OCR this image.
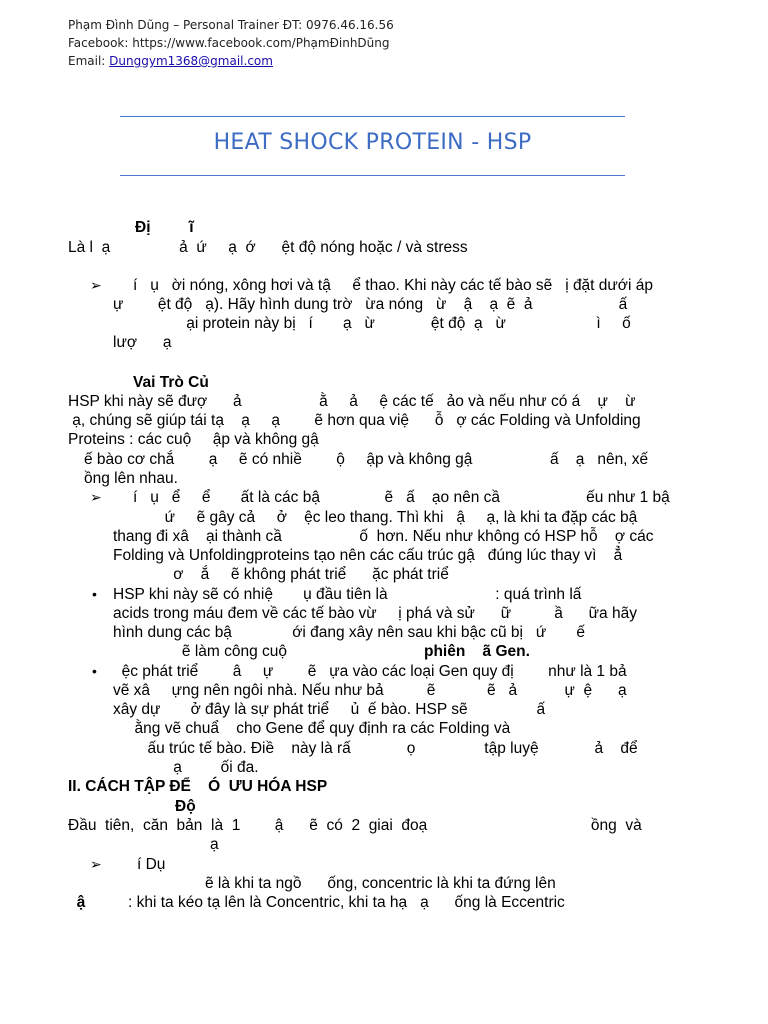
Phạm Đình Dũng – Personal Trainer ĐT: 0976.46.16.56
Facebook: https://www.facebook.com/PhạmĐinhDũng
Email: Dunggym1368@gmail.com
HEAT SHOCK PROTEIN - HSP
Đị         ĩ
Là l  ạ                ả  ứ     ạ  ớ      ệt độ nóng hoặc / và stress
í   ụ   ời nóng, xông hơi và tậ     ể thao. Khi này các tế bào sẽ   ị đặt dưới áp
ự        ệt độ   ạ). Hãy hình dung trờ   ừa nóng   ừ    ậ    ạ  ẽ  ả                    ấ
ại protein này bị   í       ạ   ừ             ệt độ  ạ   ừ                     ì     ố
lượ      ạ
Vai Trò Củ
HSP khi này sẽ đượ      ả                  ằ     ả     ệ các tế   ảo và nếu như có á    ự    ừ
ạ, chúng sẽ giúp tái tạ    ạ     ạ        ẽ hơn qua việ      ỗ   ợ các Folding và Unfolding
Proteins : các cuộ     ập và không gậ
ế bào cơ chắ        ạ     ẽ có nhiề        ộ     ập và không gậ                  ấ    ạ   nên, xế
ồng lên nhau.
í   ụ   ể     ể       ất là các bậ               ẽ   ấ    ạo nên cầ                    ếu như 1 bậ
ứ     ẽ gây cả     ở    ệc leo thang. Thì khi   ậ     ạ, là khi ta đặp các bậ
thang đi xâ    ại thành cầ                  ố  hơn. Nếu như không có HSP hỗ    ợ các
Folding và Unfoldingproteins tạo nên các cấu trúc gậ   đúng lúc thay vì    ẳ
ơ    ắ     ẽ không phát triể      ặc phát triể
HSP khi này sẽ có nhiệ       ụ đầu tiên là                         : quá trình lấ
acids trong máu đem về các tế bào vừ     ị phá và sử      ữ          ầ      ữa hãy
hình dung các bậ              ới đang xây nên sau khi bậc cũ bị   ứ       ế
ẽ làm công cuộ	phiên    ã Gen.
ệc phát triể        â     ự        ẽ   ựa vào các loại Gen quy đị        như là 1 bả
vẽ xâ     ựng nên ngôi nhà. Nếu như bả          ẽ            ẽ   ả           ự  ệ      ạ
xây dự       ở đây là sự phát triể     ủ  ế bào. HSP sẽ                ấ
ằng vẽ chuẩ    cho Gene để quy định ra các Folding và
ấu trúc tế bào. Điề    này là rấ             ọ                tập luyệ             ả    để
ạ         ối đa.
II. CÁCH TẬP ĐỂ    Ó  ƯU HÓA HSP
Độ
Đầu  tiên,  căn  bản  là  1        ậ      ẽ  có  2  giai  đoạ                                      ồng  và
ạ
í Dụ
ẽ là khi ta ngồ      ống, concentric là khi ta đứng lên
ậ	: khi ta kéo tạ lên là Concentric, khi ta hạ   ạ      ống là Eccentric
➢
➢
•
•
➢
